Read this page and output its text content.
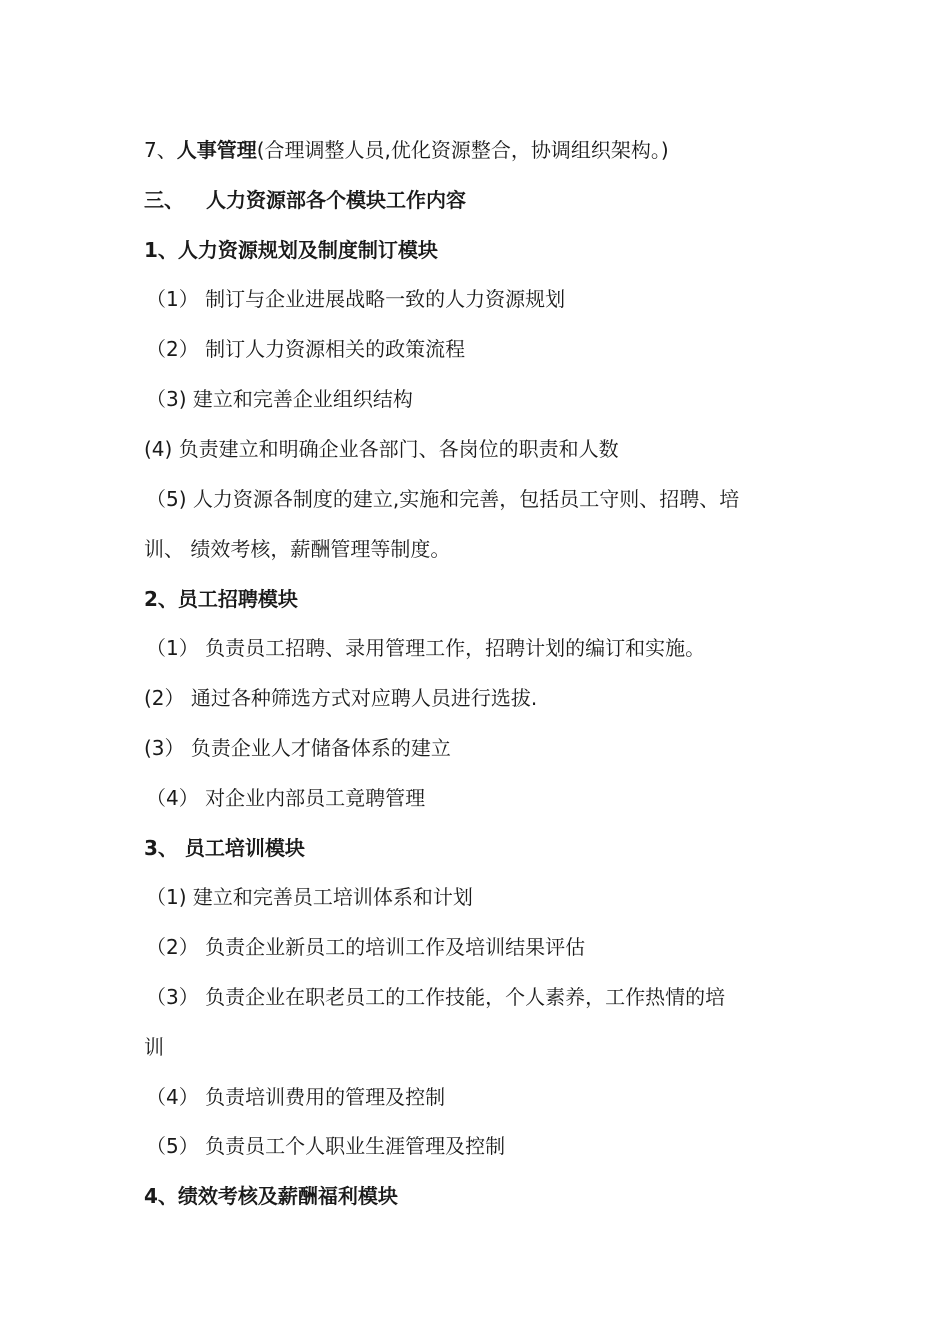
7、人事管理(合理调整人员,优化资源整合，协调组织架构。)
三、 人力资源部各个模块工作内容
1、人力资源规划及制度制订模块
（1） 制订与企业进展战略一致的人力资源规划
（2） 制订人力资源相关的政策流程
（3) 建立和完善企业组织结构
(4) 负责建立和明确企业各部门、各岗位的职责和人数
（5) 人力资源各制度的建立,实施和完善，包括员工守则、招聘、培
训、 绩效考核，薪酬管理等制度。
2、员工招聘模块
（1） 负责员工招聘、录用管理工作，招聘计划的编订和实施。
(2） 通过各种筛选方式对应聘人员进行选拔.
(3） 负责企业人才储备体系的建立
（4） 对企业内部员工竟聘管理
3、 员工培训模块
（1) 建立和完善员工培训体系和计划
（2） 负责企业新员工的培训工作及培训结果评估
（3） 负责企业在职老员工的工作技能，个人素养，工作热情的培
训
（4） 负责培训费用的管理及控制
（5） 负责员工个人职业生涯管理及控制
4、绩效考核及薪酬福利模块
